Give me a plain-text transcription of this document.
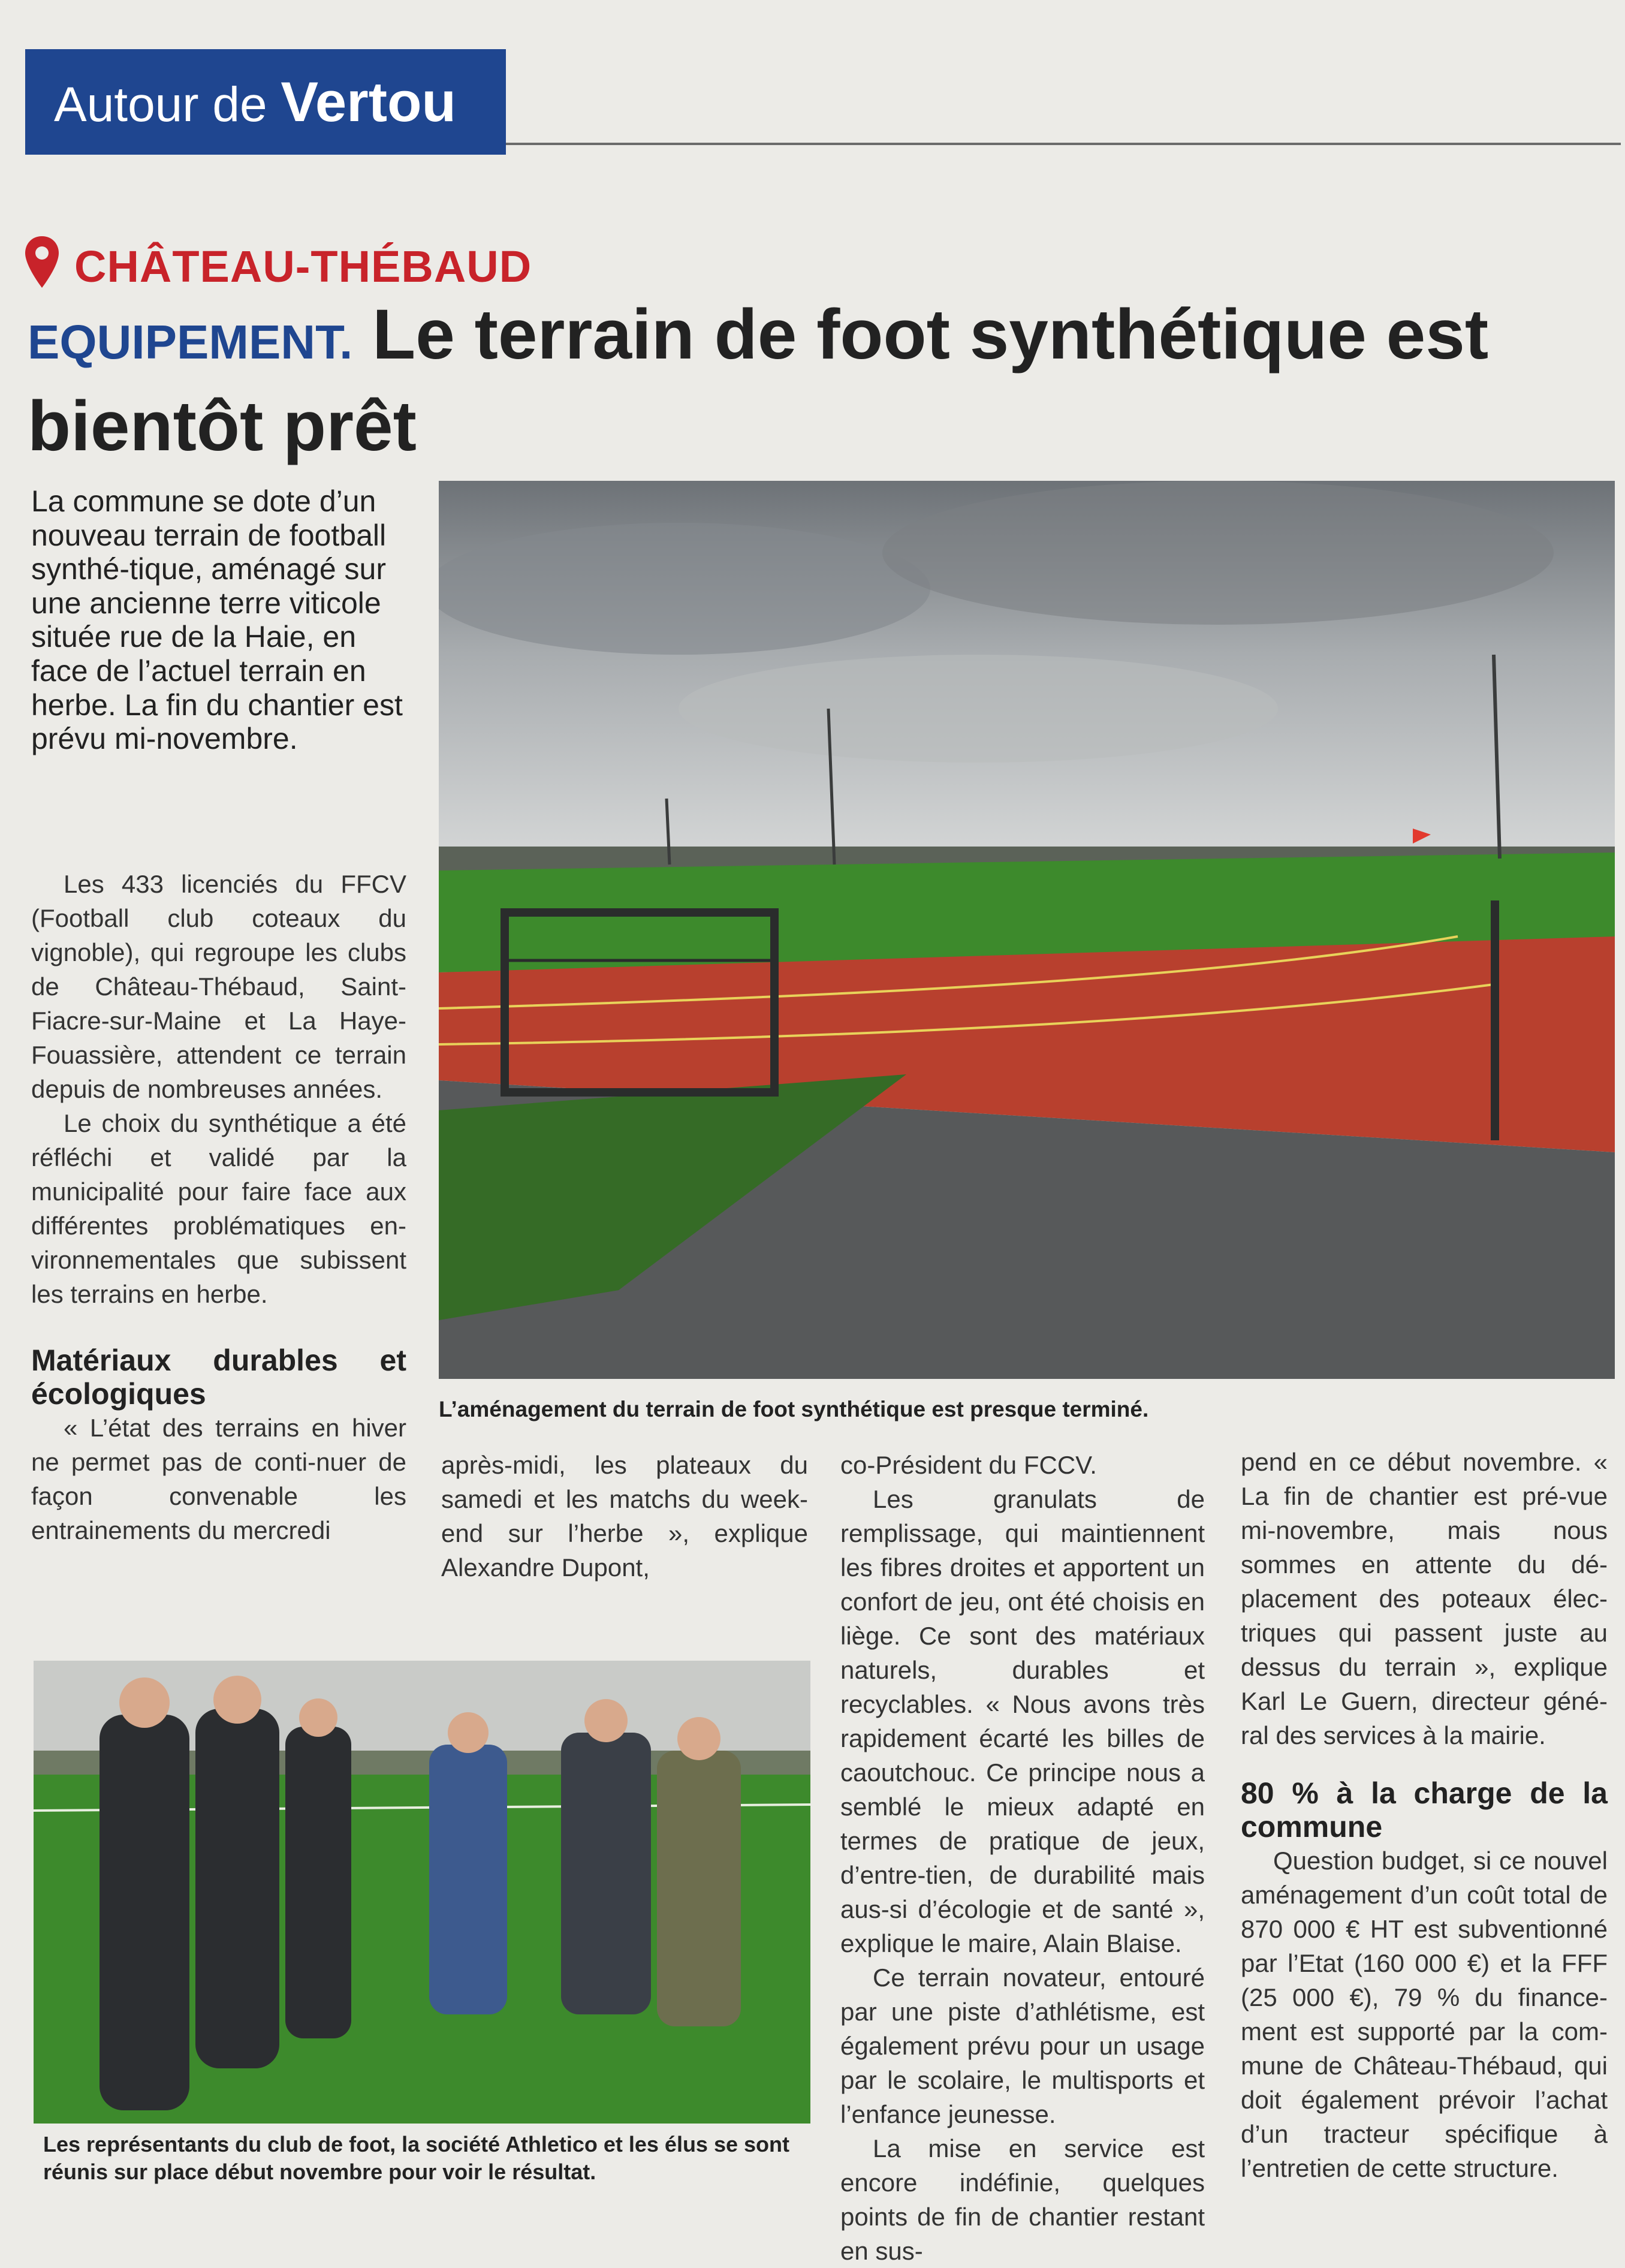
Autour de Vertou
CHÂTEAU-THÉBAUD
EQUIPEMENT. Le terrain de foot synthétique est bientôt prêt
La commune se dote d’un nouveau terrain de football synthé-tique, aménagé sur une ancienne terre viticole située rue de la Haie, en face de l’actuel terrain en herbe. La fin du chantier est prévu mi-novembre.

Les 433 licenciés du FFCV (Football club coteaux du vignoble), qui regroupe les clubs de Château-Thébaud, Saint-Fiacre-sur-Maine et La Haye-Fouassière, attendent ce terrain depuis de nombreuses années.

Le choix du synthétique a été réfléchi et validé par la municipalité pour faire face aux différentes problématiques en-vironnementales que subissent les terrains en herbe.

Matériaux durables et écologiques

« L’état des terrains en hiver ne permet pas de conti-nuer de façon convenable les entrainements du mercredi

L’aménagement du terrain de foot synthétique est presque terminé.

après-midi, les plateaux du samedi et les matchs du week-end sur l’herbe », explique Alexandre Dupont,

Les représentants du club de foot, la société Athletico et les élus se sont réunis sur place début novembre pour voir le résultat.

co-Président du FCCV.

Les granulats de remplissage, qui maintiennent les fibres droites et apportent un confort de jeu, ont été choisis en liège. Ce sont des matériaux naturels, durables et recyclables. « Nous avons très rapidement écarté les billes de caoutchouc. Ce principe nous a semblé le mieux adapté en termes de pratique de jeux, d’entre-tien, de durabilité mais aus-si d’écologie et de santé », explique le maire, Alain Blaise.

Ce terrain novateur, entouré par une piste d’athlétisme, est également prévu pour un usage par le scolaire, le multisports et l’enfance jeunesse.

La mise en service est encore indéfinie, quelques points de fin de chantier restant en sus-

pend en ce début novembre. « La fin de chantier est pré-vue mi-novembre, mais nous sommes en attente du dé-placement des poteaux élec-triques qui passent juste au dessus du terrain », explique Karl Le Guern, directeur géné-ral des services à la mairie.

80 % à la charge de la commune

Question budget, si ce nouvel aménagement d’un coût total de 870 000 € HT est subventionné par l’Etat (160 000 €) et la FFF (25 000 €), 79 % du finance-ment est supporté par la com-mune de Château-Thébaud, qui doit également prévoir l’achat d’un tracteur spécifique à l’entretien de cette structure.
